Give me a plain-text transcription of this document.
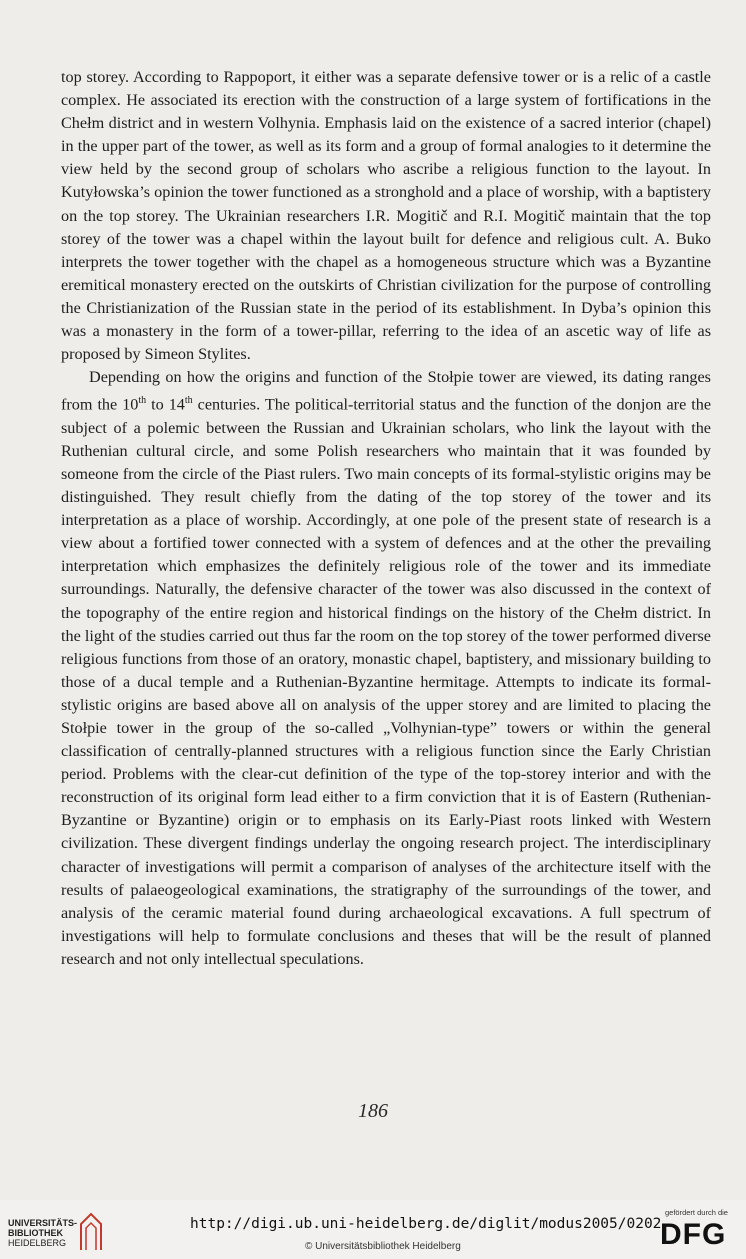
top storey. According to Rappoport, it either was a separate defensive tower or is a relic of a castle complex. He associated its erection with the construction of a large system of fortifications in the Chełm district and in western Volhynia. Emphasis laid on the existence of a sacred interior (chapel) in the upper part of the tower, as well as its form and a group of formal analogies to it determine the view held by the second group of scholars who ascribe a religious function to the layout. In Kutyłowska’s opinion the tower functioned as a stronghold and a place of worship, with a baptistery on the top storey. The Ukrainian researchers I.R. Mogitič and R.I. Mogitič maintain that the top storey of the tower was a chapel within the layout built for defence and religious cult. A. Buko interprets the tower together with the chapel as a homogeneous structure which was a Byzantine eremitical monastery erected on the outskirts of Christian civilization for the purpose of controlling the Christianization of the Russian state in the period of its establishment. In Dyba’s opinion this was a monastery in the form of a tower-pillar, referring to the idea of an ascetic way of life as proposed by Simeon Stylites.

Depending on how the origins and function of the Stołpie tower are viewed, its dating ranges from the 10th to 14th centuries. The political-territorial status and the function of the donjon are the subject of a polemic between the Russian and Ukrainian scholars, who link the layout with the Ruthenian cultural circle, and some Polish researchers who maintain that it was founded by someone from the circle of the Piast rulers. Two main concepts of its formal-stylistic origins may be distinguished. They result chiefly from the dating of the top storey of the tower and its interpretation as a place of worship. Accordingly, at one pole of the present state of research is a view about a fortified tower connected with a system of defences and at the other the prevailing interpretation which emphasizes the definitely religious role of the tower and its immediate surroundings. Naturally, the defensive character of the tower was also discussed in the context of the topography of the entire region and historical findings on the history of the Chełm district. In the light of the studies carried out thus far the room on the top storey of the tower performed diverse religious functions from those of an oratory, monastic chapel, baptistery, and missionary building to those of a ducal temple and a Ruthenian-Byzantine hermitage. Attempts to indicate its formal-stylistic origins are based above all on analysis of the upper storey and are limited to placing the Stołpie tower in the group of the so-called „Volhynian-type” towers or within the general classification of centrally-planned structures with a religious function since the Early Christian period. Problems with the clear-cut definition of the type of the top-storey interior and with the reconstruction of its original form lead either to a firm conviction that it is of Eastern (Ruthenian-Byzantine or Byzantine) origin or to emphasis on its Early-Piast roots linked with Western civilization. These divergent findings underlay the ongoing research project. The interdisciplinary character of investigations will permit a comparison of analyses of the architecture itself with the results of palaeogeological examinations, the stratigraphy of the surroundings of the tower, and analysis of the ceramic material found during archaeological excavations. A full spectrum of investigations will help to formulate conclusions and theses that will be the result of planned research and not only intellectual speculations.

186
UNIVERSITÄTS-
BIBLIOTHEK
HEIDELBERG
http://digi.ub.uni-heidelberg.de/diglit/modus2005/0202
© Universitätsbibliothek Heidelberg
gefördert durch die
DFG
